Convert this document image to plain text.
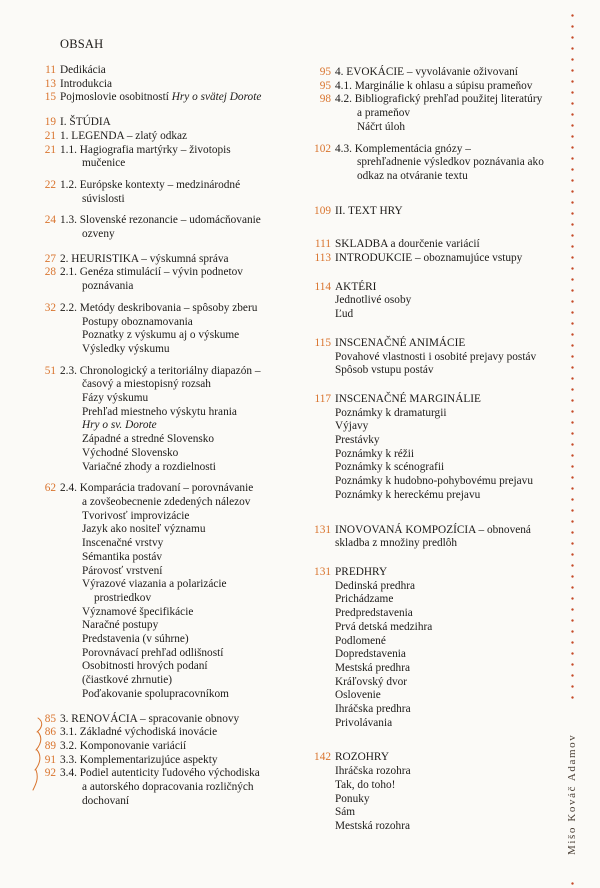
OBSAH
11 Dedikácia
13 Introdukcia
15 Pojmoslovie osobitností Hry o svätej Dorote
19 I. ŠTÚDIA
21 1. LEGENDA – zlatý odkaz
21 1.1. Hagiografia martýrky – životopis
mučenice
22 1.2. Európske kontexty – medzinárodné
súvislosti
24 1.3. Slovenské rezonancie – udomácňovanie
ozveny
27 2. HEURISTIKA – výskumná správa
28 2.1. Genéza stimulácií – vývin podnetov
poznávania
32 2.2. Metódy deskribovania – spôsoby zberu
Postupy oboznamovania
Poznatky z výskumu aj o výskume
Výsledky výskumu
51 2.3. Chronologický a teritoriálny diapazón –
časový a miestopisný rozsah
Fázy výskumu
Prehľad miestneho výskytu hrania
Hry o sv. Dorote
Západné a stredné Slovensko
Východné Slovensko
Variačné zhody a rozdielnosti
62 2.4. Komparácia tradovaní – porovnávanie
a zovšeobecnenie zdedených nálezov
Tvorivosť improvizácie
Jazyk ako nositeľ významu
Inscenačné vrstvy
Sémantika postáv
Párovosť vrstvení
Výrazové viazania a polarizácie
prostriedkov
Významové špecifikácie
Naračné postupy
Predstavenia (v súhrne)
Porovnávací prehľad odlišností
Osobitnosti hrových podaní
(čiastkové zhrnutie)
Poďakovanie spolupracovníkom
85 3. RENOVÁCIA – spracovanie obnovy
86 3.1. Základné východiská inovácie
89 3.2. Komponovanie variácií
91 3.3. Komplementarizujúce aspekty
92 3.4. Podiel autenticity ľudového východiska
a autorského dopracovania rozličných
dochovaní
95 4. EVOKÁCIE – vyvolávanie oživovaní
95 4.1. Marginálie k ohlasu a súpisu prameňov
98 4.2. Bibliografický prehľad použitej literatúry
a prameňov
Náčrt úloh
102 4.3. Komplementácia gnózy –
sprehľadnenie výsledkov poznávania ako
odkaz na otváranie textu
109 II. TEXT HRY
111 SKLADBA a dourčenie variácií
113 INTRODUKCIE – oboznamujúce vstupy
114 AKTÉRI
Jednotlivé osoby
Ľud
115 INSCENAČNÉ ANIMÁCIE
Povahové vlastnosti i osobité prejavy postáv
Spôsob vstupu postáv
117 INSCENAČNÉ MARGINÁLIE
Poznámky k dramaturgii
Výjavy
Prestávky
Poznámky k réžii
Poznámky k scénografii
Poznámky k hudobno-pohybovému prejavu
Poznámky k hereckému prejavu
131 INOVOVANÁ KOMPOZÍCIA – obnovená
skladba z množiny predlôh
131 PREDHRY
Dedinská predhra
Prichádzame
Predpredstavenia
Prvá detská medzihra
Podlomené
Dopredstavenia
Mestská predhra
Kráľovský dvor
Oslovenie
Ihráčska predhra
Privolávania
142 ROZOHRY
Ihráčska rozohra
Tak, do toho!
Ponuky
Sám
Mestská rozohra	Mišo Kováč Adamov
